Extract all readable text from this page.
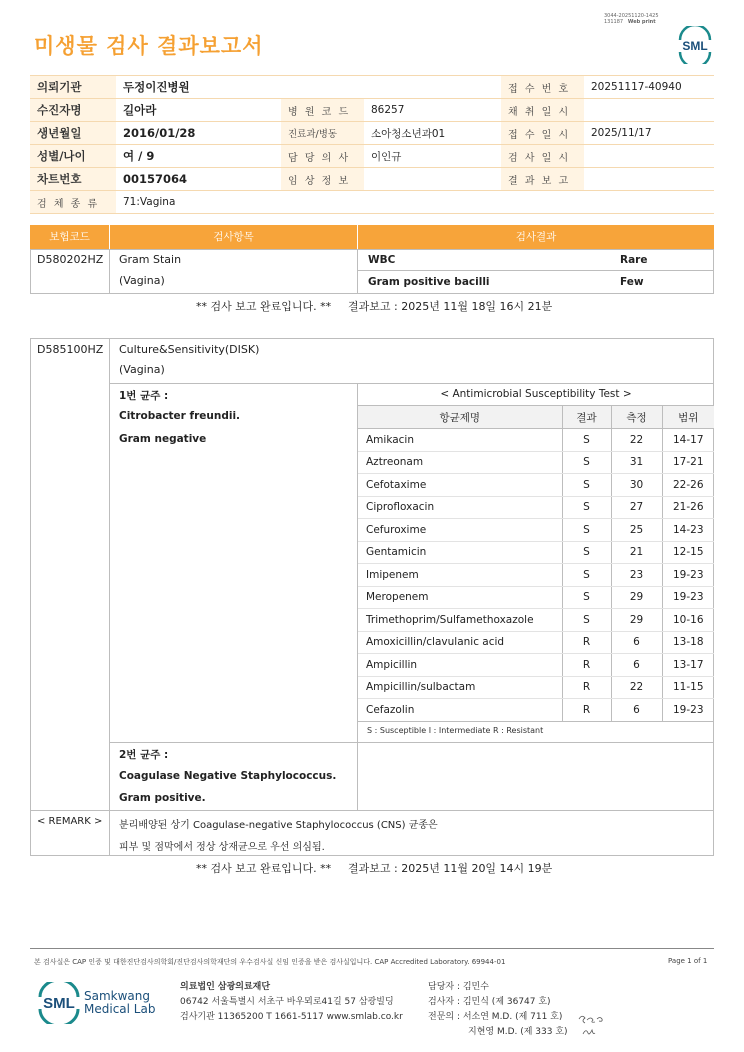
미생물 검사 결과보고서
3044-20251120-1425
131187 Web print
SML
의뢰기관	두정이진병원			접 수 번 호	20251117-40940
수진자명	길아라	병 원 코 드	86257	채 취 일 시	
생년월일	2016/01/28	진료과/병동	소아청소년과01	접 수 일 시	2025/11/17
성별/나이	여 / 9	담 당 의 사	이인규	검 사 일 시	
차트번호	00157064	임 상 정 보		결 과 보 고	
검 체 종 류	71:Vagina				
보험코드	검사항목	검사결과
D580202HZ Gram Stain
(Vagina)
WBC	Rare
Gram positive bacilli	Few
** 검사 보고 완료입니다. ** 결과보고 : 2025년 11월 18일 16시 21분
D585100HZ Culture&Sensitivity(DISK)
(Vagina)
1번 균주 :
Citrobacter freundii.
Gram negative
< Antimicrobial Susceptibility Test >
항균제명	결과	측정	범위
Amikacin	S	22	14-17
Aztreonam	S	31	17-21
Cefotaxime	S	30	22-26
Ciprofloxacin	S	27	21-26
Cefuroxime	S	25	14-23
Gentamicin	S	21	12-15
Imipenem	S	23	19-23
Meropenem	S	29	19-23
Trimethoprim/Sulfamethoxazole	S	29	10-16
Amoxicillin/clavulanic acid	R	6	13-18
Ampicillin	R	6	13-17
Ampicillin/sulbactam	R	22	11-15
Cefazolin	R	6	19-23
S : Susceptible I : Intermediate R : Resistant
2번 균주 :
Coagulase Negative Staphylococcus.
Gram positive.
< REMARK > 분리배양된 상기 Coagulase-negative Staphylococcus (CNS) 균종은
피부 및 점막에서 정상 상재균으로 우선 의심됨.
** 검사 보고 완료입니다. ** 결과보고 : 2025년 11월 20일 14시 19분
본 검사실은 CAP 인증 및 대한진단검사의학회/진단검사의학재단의 우수검사실 신임 인증을 받은 검사실입니다. CAP Accredited Laboratory. 69944-01	Page 1 of 1
SML Samkwang
Medical Lab
의료법인 삼광의료재단
06742 서울특별시 서초구 바우뫼로41길 57 삼광빌딩
검사기관 11365200 T 1661-5117 www.smlab.co.kr
담당자 : 김민수
검사자 : 김민식 (제 36747 호)
전문의 : 서소연 M.D. (제 711 호)
지현영 M.D. (제 333 호)
